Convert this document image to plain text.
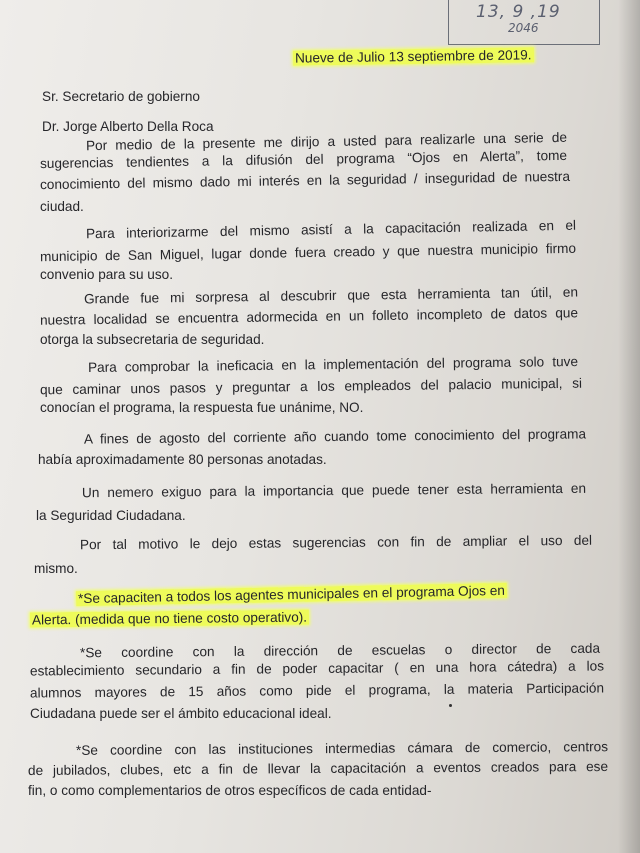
13, 9 ,19
2046
Nueve de Julio 13 septiembre de 2019.
Sr. Secretario de gobierno
Dr. Jorge Alberto Della Roca
Por medio de la presente me dirijo a usted para realizarle una serie de
sugerencias tendientes a la difusión del programa “Ojos en Alerta”, tome
conocimiento del mismo dado mi interés en la seguridad / inseguridad de nuestra
ciudad.
Para interiorizarme del mismo asistí a la capacitación realizada en el
municipio de San Miguel, lugar donde fuera creado y que nuestra municipio firmo
convenio para su uso.
Grande fue mi sorpresa al descubrir que esta herramienta tan útil, en
nuestra localidad se encuentra adormecida en un folleto incompleto de datos que
otorga la subsecretaria de seguridad.
Para comprobar la ineficacia en la implementación del programa solo tuve
que caminar unos pasos y preguntar a los empleados del palacio municipal, si
conocían el programa, la respuesta fue unánime, NO.
A fines de agosto del corriente año cuando tome conocimiento del programa
había aproximadamente 80 personas anotadas.
Un nemero exiguo para la importancia que puede tener esta herramienta en
la Seguridad Ciudadana.
Por tal motivo le dejo estas sugerencias con fin de ampliar el uso del
mismo.
*Se capaciten a todos los agentes municipales en el programa Ojos en
Alerta. (medida que no tiene costo operativo).
*Se coordine con la dirección de escuelas o director de cada
establecimiento secundario a fin de poder capacitar ( en una hora cátedra) a los
alumnos mayores de 15 años como pide el programa, la materia Participación
Ciudadana puede ser el ámbito educacional ideal.
*Se coordine con las instituciones intermedias cámara de comercio, centros
de jubilados, clubes, etc a fin de llevar la capacitación a eventos creados para ese
fin, o como complementarios de otros específicos de cada entidad-
